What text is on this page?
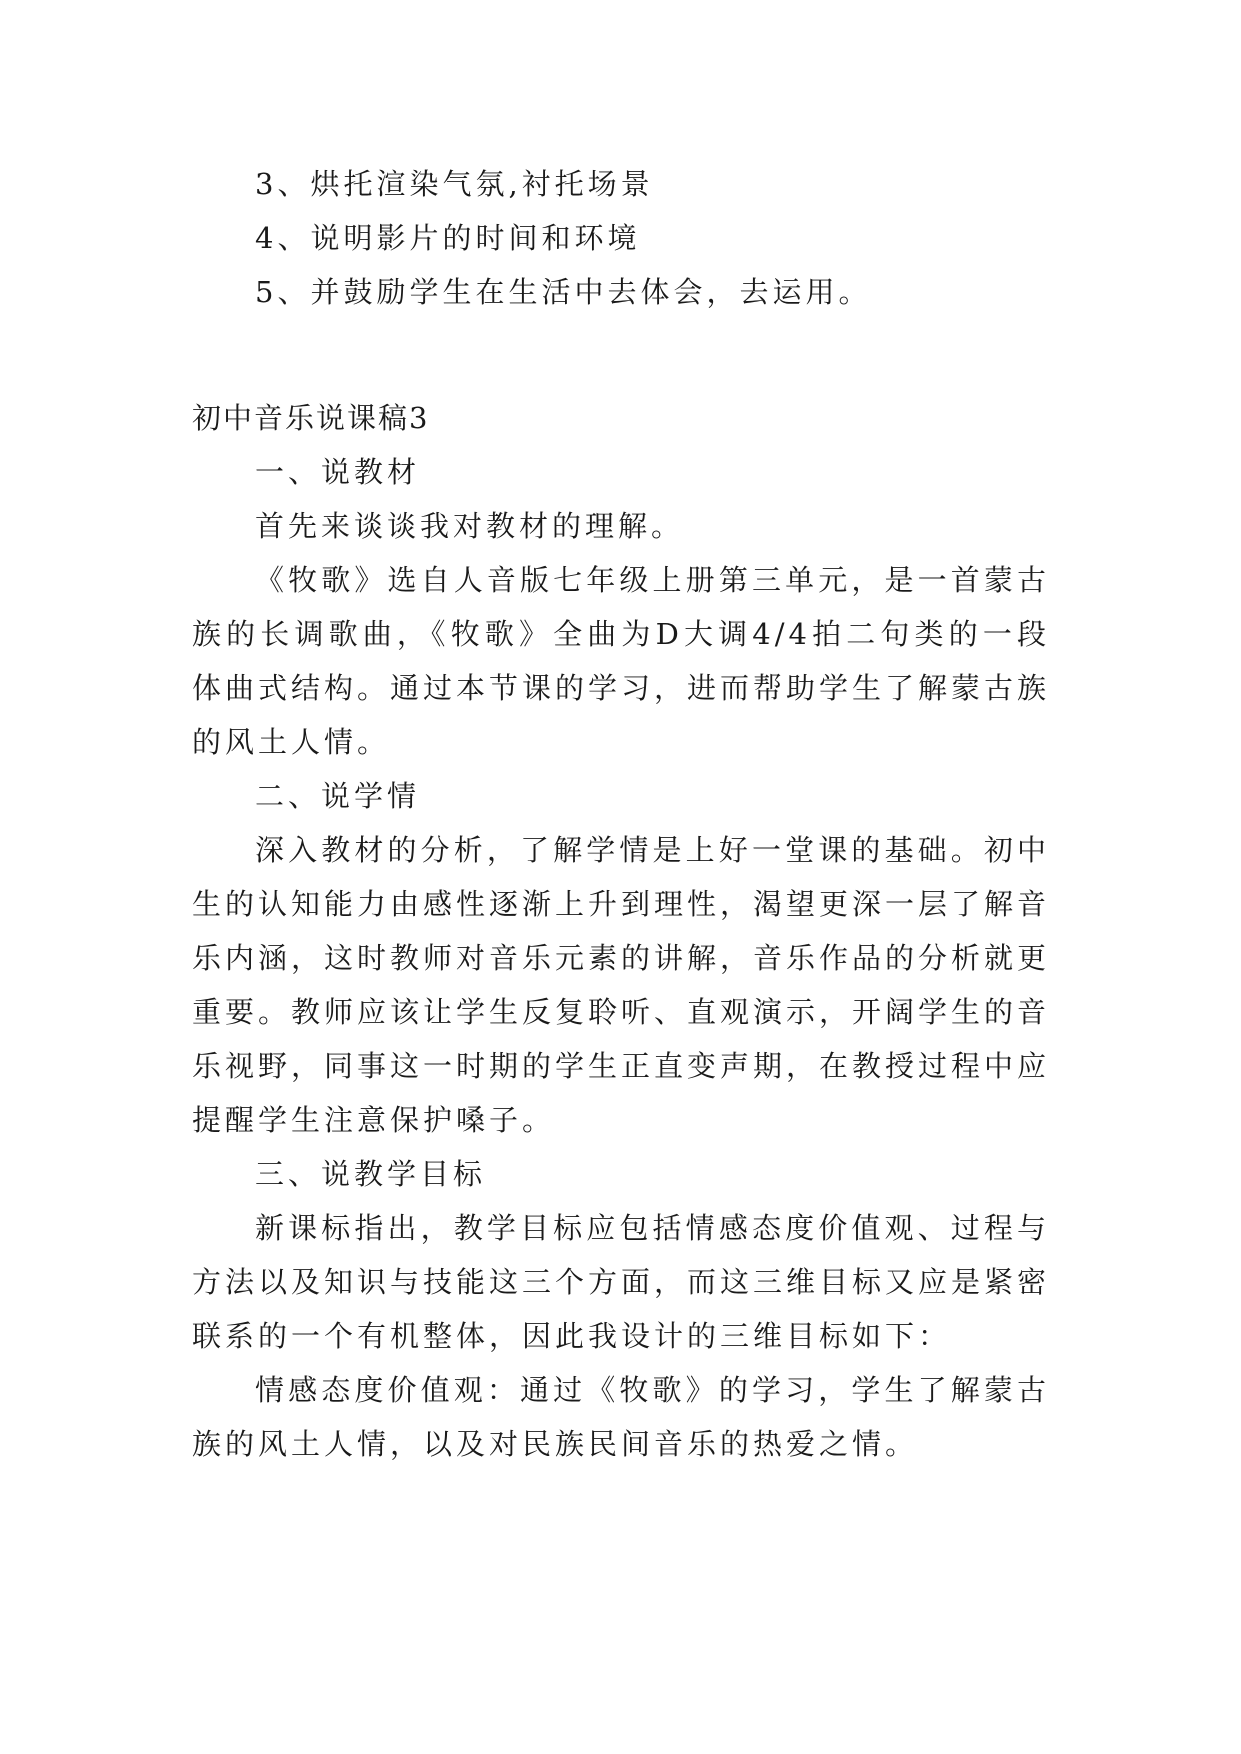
3、烘托渲染气氛,衬托场景
4、说明影片的时间和环境
5、并鼓励学生在生活中去体会，去运用。
初中音乐说课稿3
一、说教材
首先来谈谈我对教材的理解。
《牧歌》选自人音版七年级上册第三单元，是一首蒙古
族的长调歌曲，《牧歌》全曲为D大调4/4拍二句类的一段
体曲式结构。通过本节课的学习，进而帮助学生了解蒙古族
的风土人情。
二、说学情
深入教材的分析，了解学情是上好一堂课的基础。初中
生的认知能力由感性逐渐上升到理性，渴望更深一层了解音
乐内涵，这时教师对音乐元素的讲解，音乐作品的分析就更
重要。教师应该让学生反复聆听、直观演示，开阔学生的音
乐视野，同事这一时期的学生正直变声期，在教授过程中应
提醒学生注意保护嗓子。
三、说教学目标
新课标指出，教学目标应包括情感态度价值观、过程与
方法以及知识与技能这三个方面，而这三维目标又应是紧密
联系的一个有机整体，因此我设计的三维目标如下：
情感态度价值观：通过《牧歌》的学习，学生了解蒙古
族的风土人情，以及对民族民间音乐的热爱之情。
